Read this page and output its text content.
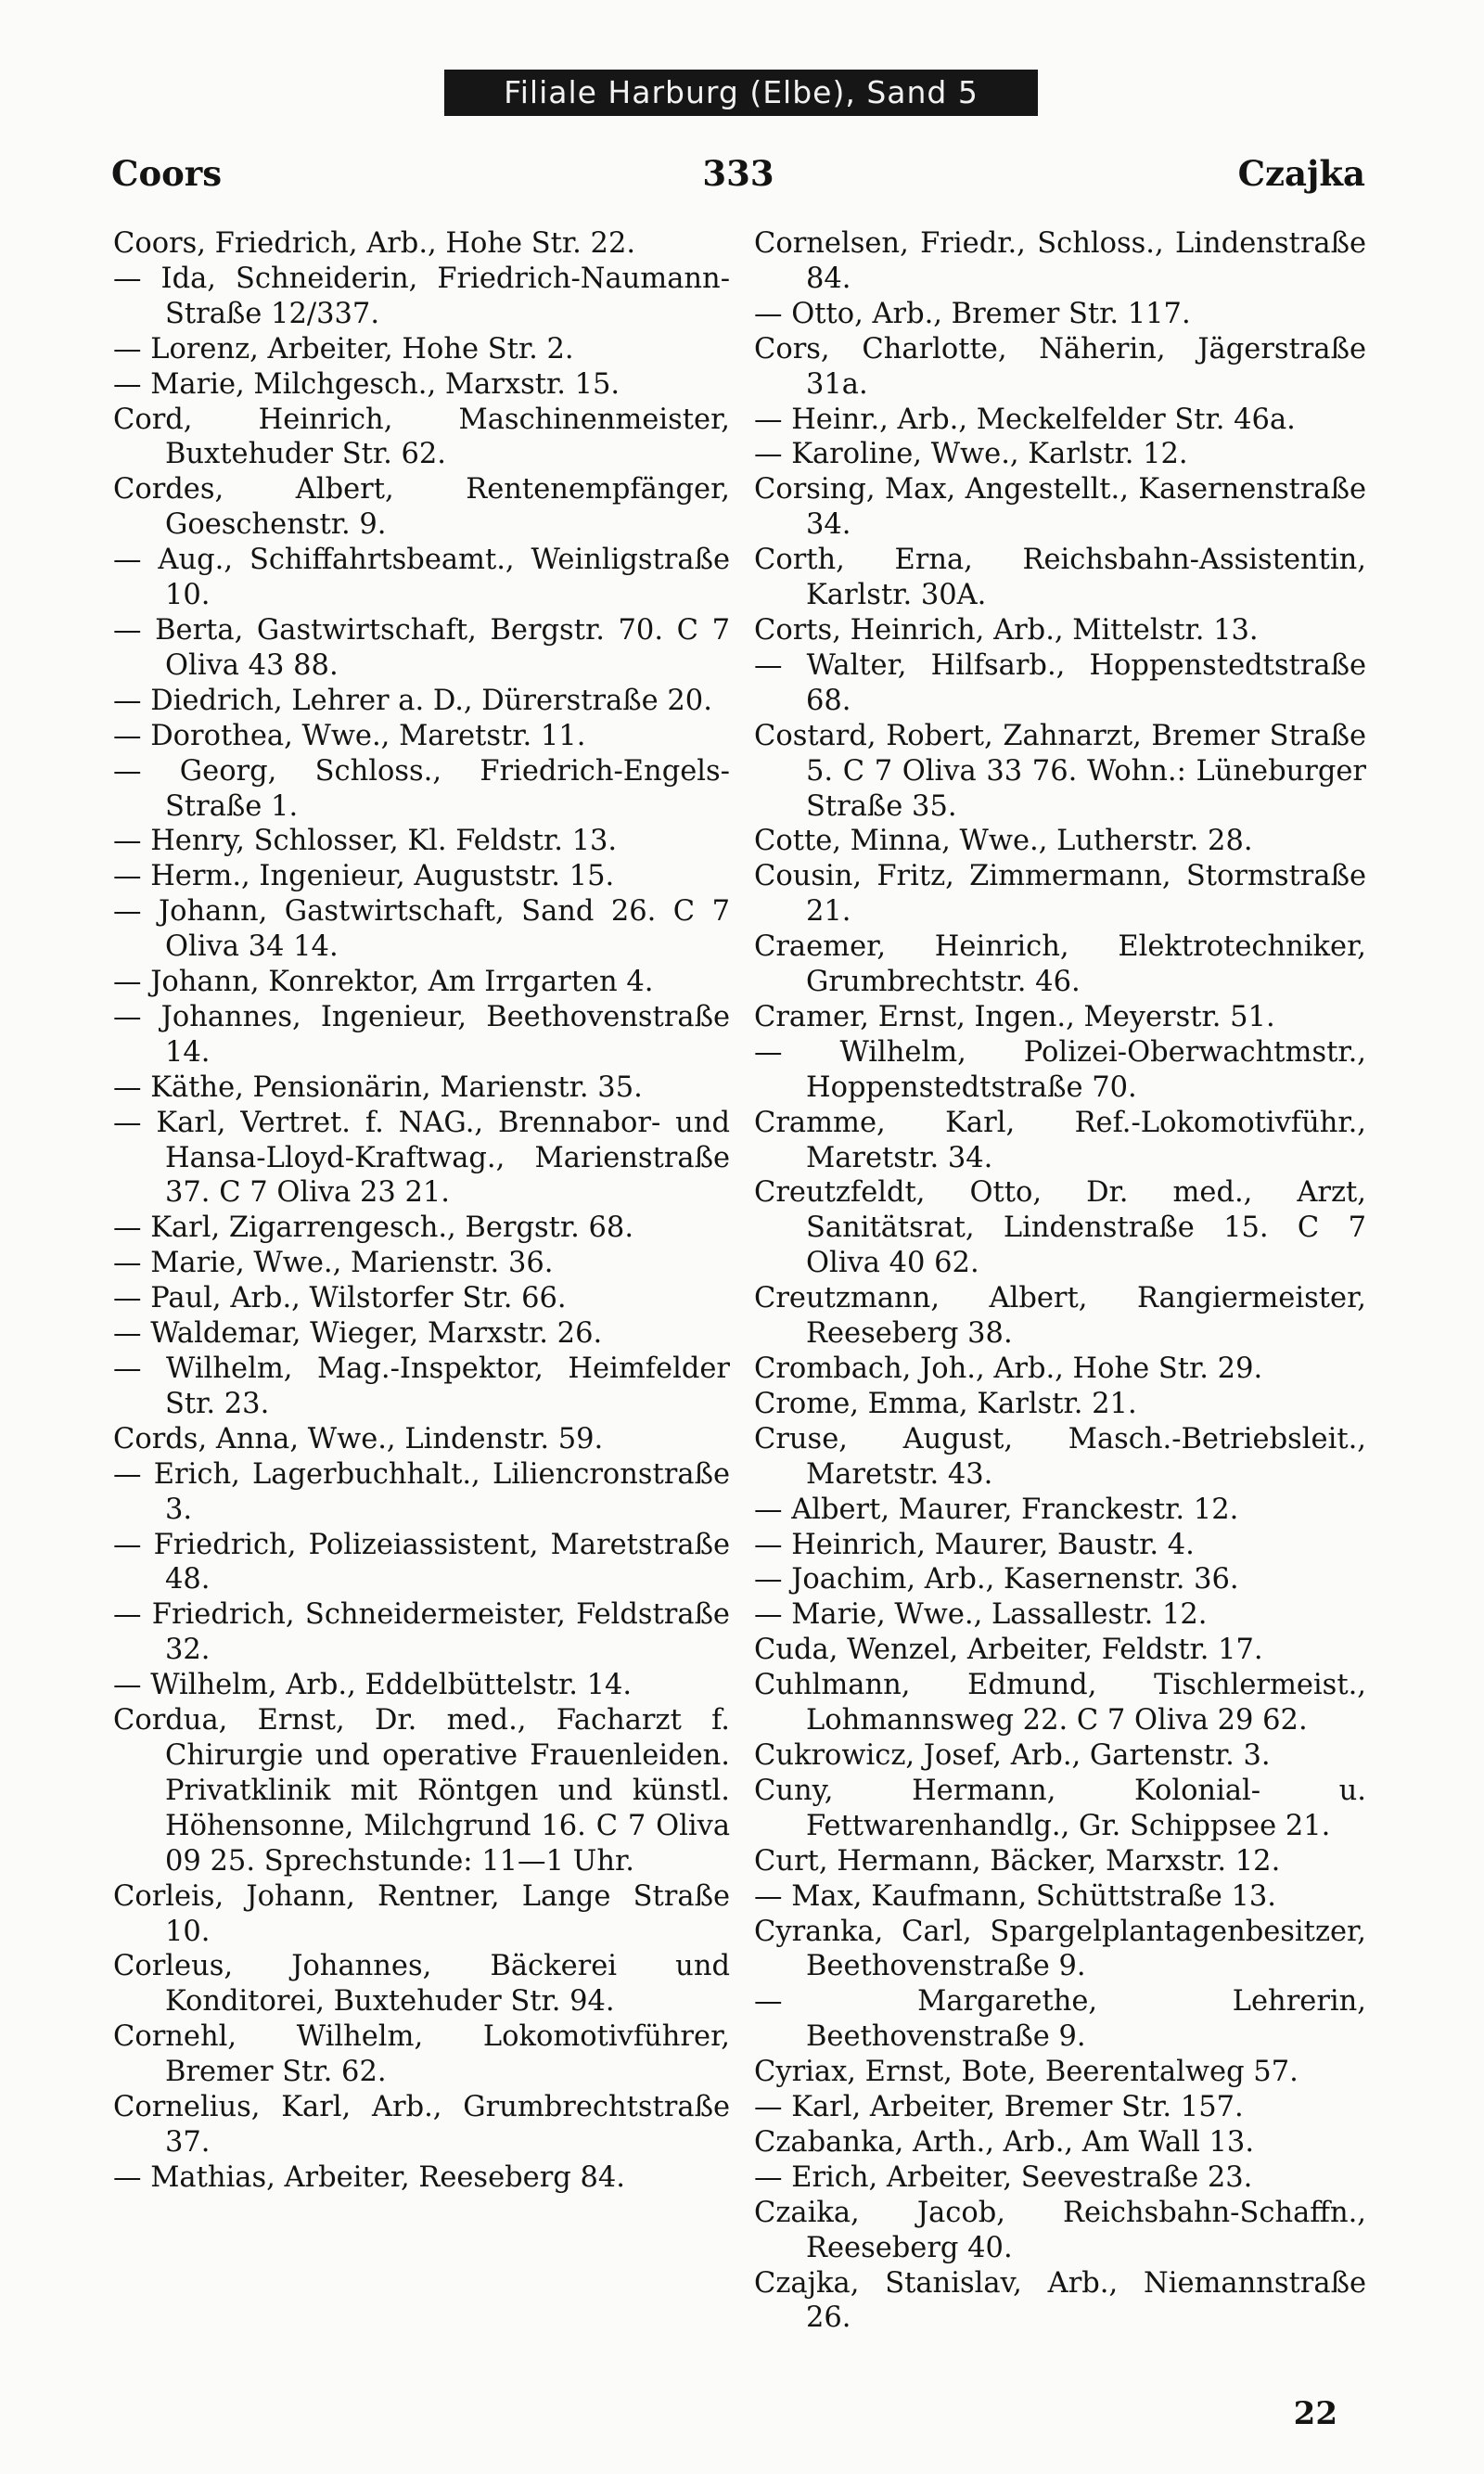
Filiale Harburg (Elbe), Sand 5
Coors	333	Czajka

Coors, Friedrich, Arb., Hohe Str. 22.

— Ida, Schneiderin, Friedrich-Naumann-Straße 12/337.

— Lorenz, Arbeiter, Hohe Str. 2.

— Marie, Milchgesch., Marxstr. 15.

Cord, Heinrich, Maschinenmeister, Buxtehuder Str. 62.

Cordes, Albert, Rentenempfänger, Goeschenstr. 9.

— Aug., Schiffahrtsbeamt., Weinligstraße 10.

— Berta, Gastwirtschaft, Bergstr. 70. C 7 Oliva 43 88.

— Diedrich, Lehrer a. D., Dürerstraße 20.

— Dorothea, Wwe., Maretstr. 11.

— Georg, Schloss., Friedrich-Engels-Straße 1.

— Henry, Schlosser, Kl. Feldstr. 13.

— Herm., Ingenieur, Auguststr. 15.

— Johann, Gastwirtschaft, Sand 26. C 7 Oliva 34 14.

— Johann, Konrektor, Am Irrgarten 4.

— Johannes, Ingenieur, Beethovenstraße 14.

— Käthe, Pensionärin, Marienstr. 35.

— Karl, Vertret. f. NAG., Brennabor- und Hansa-Lloyd-Kraftwag., Marienstraße 37. C 7 Oliva 23 21.

— Karl, Zigarrengesch., Bergstr. 68.

— Marie, Wwe., Marienstr. 36.

— Paul, Arb., Wilstorfer Str. 66.

— Waldemar, Wieger, Marxstr. 26.

— Wilhelm, Mag.-Inspektor, Heimfelder Str. 23.

Cords, Anna, Wwe., Lindenstr. 59.

— Erich, Lagerbuchhalt., Liliencronstraße 3.

— Friedrich, Polizeiassistent, Maretstraße 48.

— Friedrich, Schneidermeister, Feldstraße 32.

— Wilhelm, Arb., Eddelbüttelstr. 14.

Cordua, Ernst, Dr. med., Facharzt f. Chirurgie und operative Frauenleiden. Privatklinik mit Röntgen und künstl. Höhensonne, Milchgrund 16. C 7 Oliva 09 25. Sprechstunde: 11—1 Uhr.

Corleis, Johann, Rentner, Lange Straße 10.

Corleus, Johannes, Bäckerei und Konditorei, Buxtehuder Str. 94.

Cornehl, Wilhelm, Lokomotivführer, Bremer Str. 62.

Cornelius, Karl, Arb., Grumbrechtstraße 37.

— Mathias, Arbeiter, Reeseberg 84.

Cornelsen, Friedr., Schloss., Lindenstraße 84.

— Otto, Arb., Bremer Str. 117.

Cors, Charlotte, Näherin, Jägerstraße 31a.

— Heinr., Arb., Meckelfelder Str. 46a.

— Karoline, Wwe., Karlstr. 12.

Corsing, Max, Angestellt., Kasernenstraße 34.

Corth, Erna, Reichsbahn-Assistentin, Karlstr. 30A.

Corts, Heinrich, Arb., Mittelstr. 13.

— Walter, Hilfsarb., Hoppenstedtstraße 68.

Costard, Robert, Zahnarzt, Bremer Straße 5. C 7 Oliva 33 76. Wohn.: Lüneburger Straße 35.

Cotte, Minna, Wwe., Lutherstr. 28.

Cousin, Fritz, Zimmermann, Stormstraße 21.

Craemer, Heinrich, Elektrotechniker, Grumbrechtstr. 46.

Cramer, Ernst, Ingen., Meyerstr. 51.

— Wilhelm, Polizei-Oberwachtmstr., Hoppenstedtstraße 70.

Cramme, Karl, Ref.-Lokomotivführ., Maretstr. 34.

Creutzfeldt, Otto, Dr. med., Arzt, Sanitätsrat, Lindenstraße 15. C 7 Oliva 40 62.

Creutzmann, Albert, Rangiermeister, Reeseberg 38.

Crombach, Joh., Arb., Hohe Str. 29.

Crome, Emma, Karlstr. 21.

Cruse, August, Masch.-Betriebsleit., Maretstr. 43.

— Albert, Maurer, Franckestr. 12.

— Heinrich, Maurer, Baustr. 4.

— Joachim, Arb., Kasernenstr. 36.

— Marie, Wwe., Lassallestr. 12.

Cuda, Wenzel, Arbeiter, Feldstr. 17.

Cuhlmann, Edmund, Tischlermeist., Lohmannsweg 22. C 7 Oliva 29 62.

Cukrowicz, Josef, Arb., Gartenstr. 3.

Cuny, Hermann, Kolonial- u. Fettwarenhandlg., Gr. Schippsee 21.

Curt, Hermann, Bäcker, Marxstr. 12.

— Max, Kaufmann, Schüttstraße 13.

Cyranka, Carl, Spargelplantagenbesitzer, Beethovenstraße 9.

— Margarethe, Lehrerin, Beethovenstraße 9.

Cyriax, Ernst, Bote, Beerentalweg 57.

— Karl, Arbeiter, Bremer Str. 157.

Czabanka, Arth., Arb., Am Wall 13.

— Erich, Arbeiter, Seevestraße 23.

Czaika, Jacob, Reichsbahn-Schaffn., Reeseberg 40.

Czajka, Stanislav, Arb., Niemannstraße 26.

22
